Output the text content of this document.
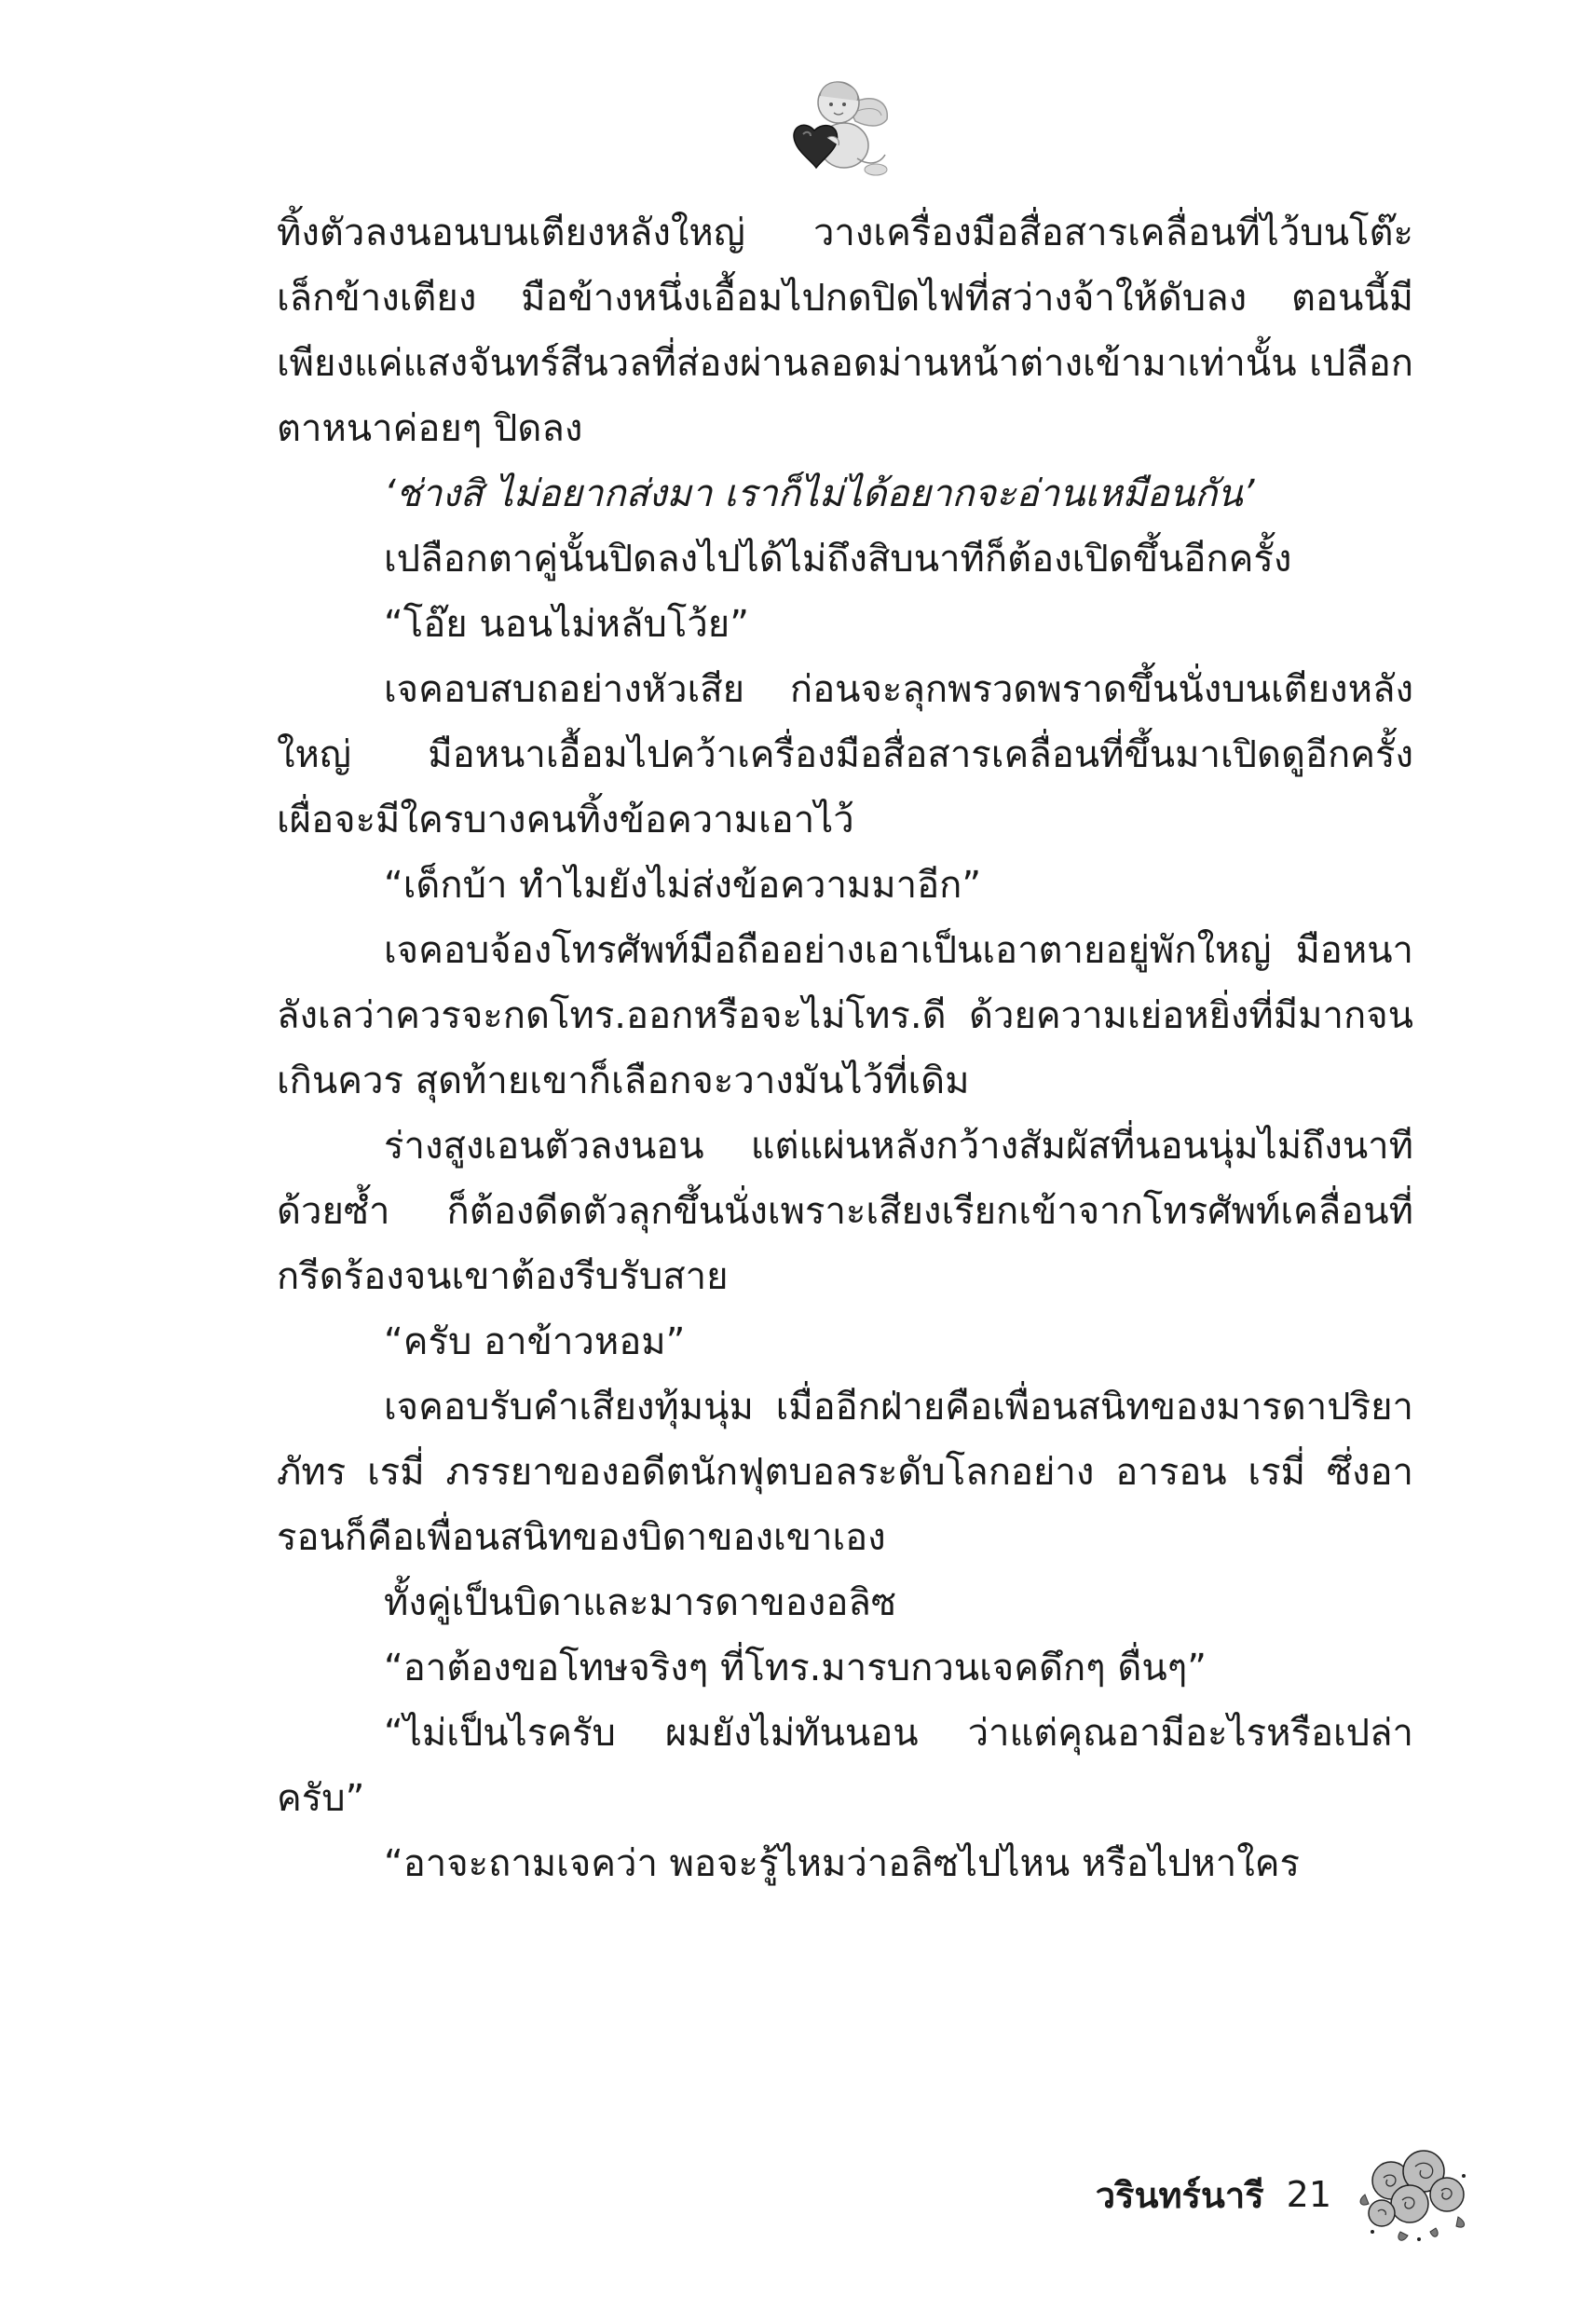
ทิ้งตัวลงนอนบนเตียงหลังใหญ่ วางเครื่องมือสื่อสารเคลื่อนที่ไว้บนโต๊ะเล็กข้างเตียง มือข้างหนึ่งเอื้อมไปกดปิดไฟที่สว่างจ้าให้ดับลง ตอนนี้มีเพียงแค่แสงจันทร์สีนวลที่ส่องผ่านลอดม่านหน้าต่างเข้ามาเท่านั้น เปลือกตาหนาค่อยๆ ปิดลง

‘ช่างสิ ไม่อยากส่งมา เราก็ไม่ได้อยากจะอ่านเหมือนกัน’

เปลือกตาคู่นั้นปิดลงไปได้ไม่ถึงสิบนาทีก็ต้องเปิดขึ้นอีกครั้ง

“โอ๊ย นอนไม่หลับโว้ย”

เจคอบสบถอย่างหัวเสีย ก่อนจะลุกพรวดพราดขึ้นนั่งบนเตียงหลังใหญ่ มือหนาเอื้อมไปคว้าเครื่องมือสื่อสารเคลื่อนที่ขึ้นมาเปิดดูอีกครั้ง เผื่อจะมีใครบางคนทิ้งข้อความเอาไว้

“เด็กบ้า ทำไมยังไม่ส่งข้อความมาอีก”

เจคอบจ้องโทรศัพท์มือถืออย่างเอาเป็นเอาตายอยู่พักใหญ่ มือหนาลังเลว่าควรจะกดโทร.ออกหรือจะไม่โทร.ดี ด้วยความเย่อหยิ่งที่มีมากจนเกินควร สุดท้ายเขาก็เลือกจะวางมันไว้ที่เดิม

ร่างสูงเอนตัวลงนอน แต่แผ่นหลังกว้างสัมผัสที่นอนนุ่มไม่ถึงนาทีด้วยซ้ำ ก็ต้องดีดตัวลุกขึ้นนั่งเพราะเสียงเรียกเข้าจากโทรศัพท์เคลื่อนที่กรีดร้องจนเขาต้องรีบรับสาย

“ครับ อาข้าวหอม”

เจคอบรับคำเสียงทุ้มนุ่ม เมื่ออีกฝ่ายคือเพื่อนสนิทของมารดาปริยาภัทร เรมี่ ภรรยาของอดีตนักฟุตบอลระดับโลกอย่าง อารอน เรมี่ ซึ่งอารอนก็คือเพื่อนสนิทของบิดาของเขาเอง

ทั้งคู่เป็นบิดาและมารดาของอลิซ

“อาต้องขอโทษจริงๆ ที่โทร.มารบกวนเจคดึกๆ ดื่นๆ”

“ไม่เป็นไรครับ ผมยังไม่ทันนอน ว่าแต่คุณอามีอะไรหรือเปล่าครับ”

“อาจะถามเจคว่า พอจะรู้ไหมว่าอลิซไปไหน หรือไปหาใคร

วรินทร์นารี 21
